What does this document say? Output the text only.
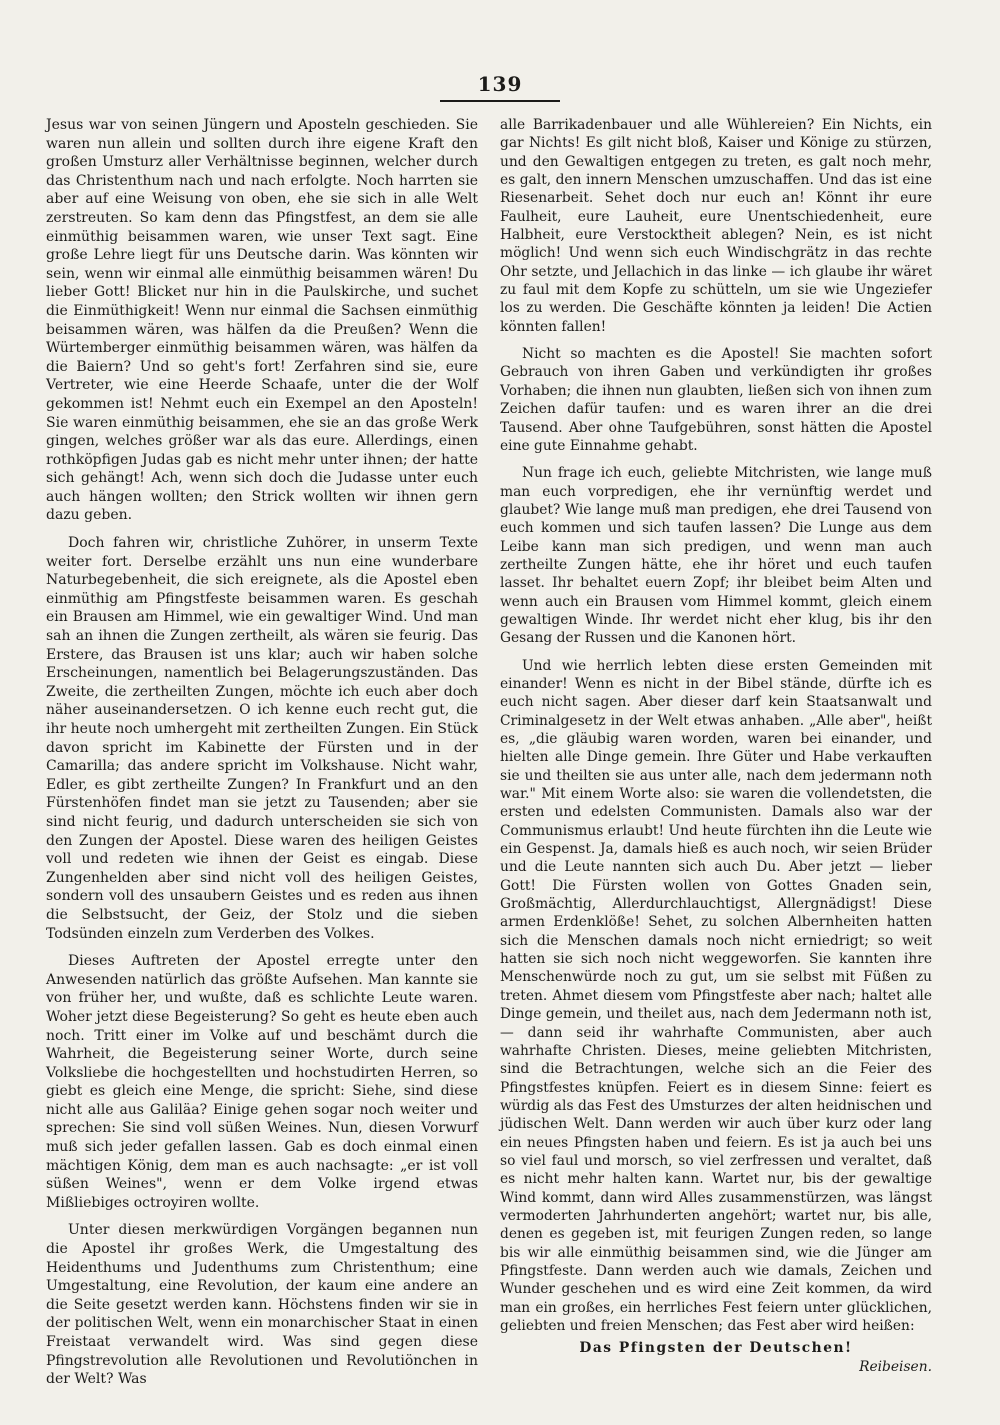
139

Jesus war von seinen Jüngern und Aposteln geschieden. Sie waren nun allein und sollten durch ihre eigene Kraft den großen Umsturz aller Verhältnisse beginnen, welcher durch das Christenthum nach und nach erfolgte. Noch harrten sie aber auf eine Weisung von oben, ehe sie sich in alle Welt zerstreuten. So kam denn das Pfingstfest, an dem sie alle einmüthig beisammen waren, wie unser Text sagt. Eine große Lehre liegt für uns Deutsche darin. Was könnten wir sein, wenn wir einmal alle einmüthig beisammen wären! Du lieber Gott! Blicket nur hin in die Paulskirche, und suchet die Einmüthigkeit! Wenn nur einmal die Sachsen einmüthig beisammen wären, was hälfen da die Preußen? Wenn die Würtemberger einmüthig beisammen wären, was hälfen da die Baiern? Und so geht's fort! Zerfahren sind sie, eure Vertreter, wie eine Heerde Schaafe, unter die der Wolf gekommen ist! Nehmt euch ein Exempel an den Aposteln! Sie waren einmüthig beisammen, ehe sie an das große Werk gingen, welches größer war als das eure. Allerdings, einen rothköpfigen Judas gab es nicht mehr unter ihnen; der hatte sich gehängt! Ach, wenn sich doch die Judasse unter euch auch hängen wollten; den Strick wollten wir ihnen gern dazu geben.

Doch fahren wir, christliche Zuhörer, in unserm Texte weiter fort. Derselbe erzählt uns nun eine wunderbare Naturbegebenheit, die sich ereignete, als die Apostel eben einmüthig am Pfingstfeste beisammen waren. Es geschah ein Brausen am Himmel, wie ein gewaltiger Wind. Und man sah an ihnen die Zungen zertheilt, als wären sie feurig. Das Erstere, das Brausen ist uns klar; auch wir haben solche Erscheinungen, namentlich bei Belagerungszuständen. Das Zweite, die zertheilten Zungen, möchte ich euch aber doch näher auseinandersetzen. O ich kenne euch recht gut, die ihr heute noch umhergeht mit zertheilten Zungen. Ein Stück davon spricht im Kabinette der Fürsten und in der Camarilla; das andere spricht im Volkshause. Nicht wahr, Edler, es gibt zertheilte Zungen? In Frankfurt und an den Fürstenhöfen findet man sie jetzt zu Tausenden; aber sie sind nicht feurig, und dadurch unterscheiden sie sich von den Zungen der Apostel. Diese waren des heiligen Geistes voll und redeten wie ihnen der Geist es eingab. Diese Zungenhelden aber sind nicht voll des heiligen Geistes, sondern voll des unsaubern Geistes und es reden aus ihnen die Selbstsucht, der Geiz, der Stolz und die sieben Todsünden einzeln zum Verderben des Volkes.

Dieses Auftreten der Apostel erregte unter den Anwesenden natürlich das größte Aufsehen. Man kannte sie von früher her, und wußte, daß es schlichte Leute waren. Woher jetzt diese Begeisterung? So geht es heute eben auch noch. Tritt einer im Volke auf und beschämt durch die Wahrheit, die Begeisterung seiner Worte, durch seine Volksliebe die hochgestellten und hochstudirten Herren, so giebt es gleich eine Menge, die spricht: Siehe, sind diese nicht alle aus Galiläa? Einige gehen sogar noch weiter und sprechen: Sie sind voll süßen Weines. Nun, diesen Vorwurf muß sich jeder gefallen lassen. Gab es doch einmal einen mächtigen König, dem man es auch nachsagte: „er ist voll süßen Weines", wenn er dem Volke irgend etwas Mißliebiges octroyiren wollte.

Unter diesen merkwürdigen Vorgängen begannen nun die Apostel ihr großes Werk, die Umgestaltung des Heidenthums und Judenthums zum Christenthum; eine Umgestaltung, eine Revolution, der kaum eine andere an die Seite gesetzt werden kann. Höchstens finden wir sie in der politischen Welt, wenn ein monarchischer Staat in einen Freistaat verwandelt wird. Was sind gegen diese Pfingstrevolution alle Revolutionen und Revolutiönchen in der Welt? Was

alle Barrikadenbauer und alle Wühlereien? Ein Nichts, ein gar Nichts! Es gilt nicht bloß, Kaiser und Könige zu stürzen, und den Gewaltigen entgegen zu treten, es galt noch mehr, es galt, den innern Menschen umzuschaffen. Und das ist eine Riesenarbeit. Sehet doch nur euch an! Könnt ihr eure Faulheit, eure Lauheit, eure Unentschiedenheit, eure Halbheit, eure Verstocktheit ablegen? Nein, es ist nicht möglich! Und wenn sich euch Windischgrätz in das rechte Ohr setzte, und Jellachich in das linke — ich glaube ihr wäret zu faul mit dem Kopfe zu schütteln, um sie wie Ungeziefer los zu werden. Die Geschäfte könnten ja leiden! Die Actien könnten fallen!

Nicht so machten es die Apostel! Sie machten sofort Gebrauch von ihren Gaben und verkündigten ihr großes Vorhaben; die ihnen nun glaubten, ließen sich von ihnen zum Zeichen dafür taufen: und es waren ihrer an die drei Tausend. Aber ohne Taufgebühren, sonst hätten die Apostel eine gute Einnahme gehabt.

Nun frage ich euch, geliebte Mitchristen, wie lange muß man euch vorpredigen, ehe ihr vernünftig werdet und glaubet? Wie lange muß man predigen, ehe drei Tausend von euch kommen und sich taufen lassen? Die Lunge aus dem Leibe kann man sich predigen, und wenn man auch zertheilte Zungen hätte, ehe ihr höret und euch taufen lasset. Ihr behaltet euern Zopf; ihr bleibet beim Alten und wenn auch ein Brausen vom Himmel kommt, gleich einem gewaltigen Winde. Ihr werdet nicht eher klug, bis ihr den Gesang der Russen und die Kanonen hört.

Und wie herrlich lebten diese ersten Gemeinden mit einander! Wenn es nicht in der Bibel stände, dürfte ich es euch nicht sagen. Aber dieser darf kein Staatsanwalt und Criminalgesetz in der Welt etwas anhaben. „Alle aber", heißt es, „die gläubig waren worden, waren bei einander, und hielten alle Dinge gemein. Ihre Güter und Habe verkauften sie und theilten sie aus unter alle, nach dem jedermann noth war." Mit einem Worte also: sie waren die vollendetsten, die ersten und edelsten Communisten. Damals also war der Communismus erlaubt! Und heute fürchten ihn die Leute wie ein Gespenst. Ja, damals hieß es auch noch, wir seien Brüder und die Leute nannten sich auch Du. Aber jetzt — lieber Gott! Die Fürsten wollen von Gottes Gnaden sein, Großmächtig, Allerdurchlauchtigst, Allergnädigst! Diese armen Erdenklöße! Sehet, zu solchen Albernheiten hatten sich die Menschen damals noch nicht erniedrigt; so weit hatten sie sich noch nicht weggeworfen. Sie kannten ihre Menschenwürde noch zu gut, um sie selbst mit Füßen zu treten. Ahmet diesem vom Pfingstfeste aber nach; haltet alle Dinge gemein, und theilet aus, nach dem Jedermann noth ist, — dann seid ihr wahrhafte Communisten, aber auch wahrhafte Christen. Dieses, meine geliebten Mitchristen, sind die Betrachtungen, welche sich an die Feier des Pfingstfestes knüpfen. Feiert es in diesem Sinne: feiert es würdig als das Fest des Umsturzes der alten heidnischen und jüdischen Welt. Dann werden wir auch über kurz oder lang ein neues Pfingsten haben und feiern. Es ist ja auch bei uns so viel faul und morsch, so viel zerfressen und veraltet, daß es nicht mehr halten kann. Wartet nur, bis der gewaltige Wind kommt, dann wird Alles zusammenstürzen, was längst vermoderten Jahrhunderten angehört; wartet nur, bis alle, denen es gegeben ist, mit feurigen Zungen reden, so lange bis wir alle einmüthig beisammen sind, wie die Jünger am Pfingstfeste. Dann werden auch wie damals, Zeichen und Wunder geschehen und es wird eine Zeit kommen, da wird man ein großes, ein herrliches Fest feiern unter glücklichen, geliebten und freien Menschen; das Fest aber wird heißen:

Das Pfingsten der Deutschen!
Reibeisen.
